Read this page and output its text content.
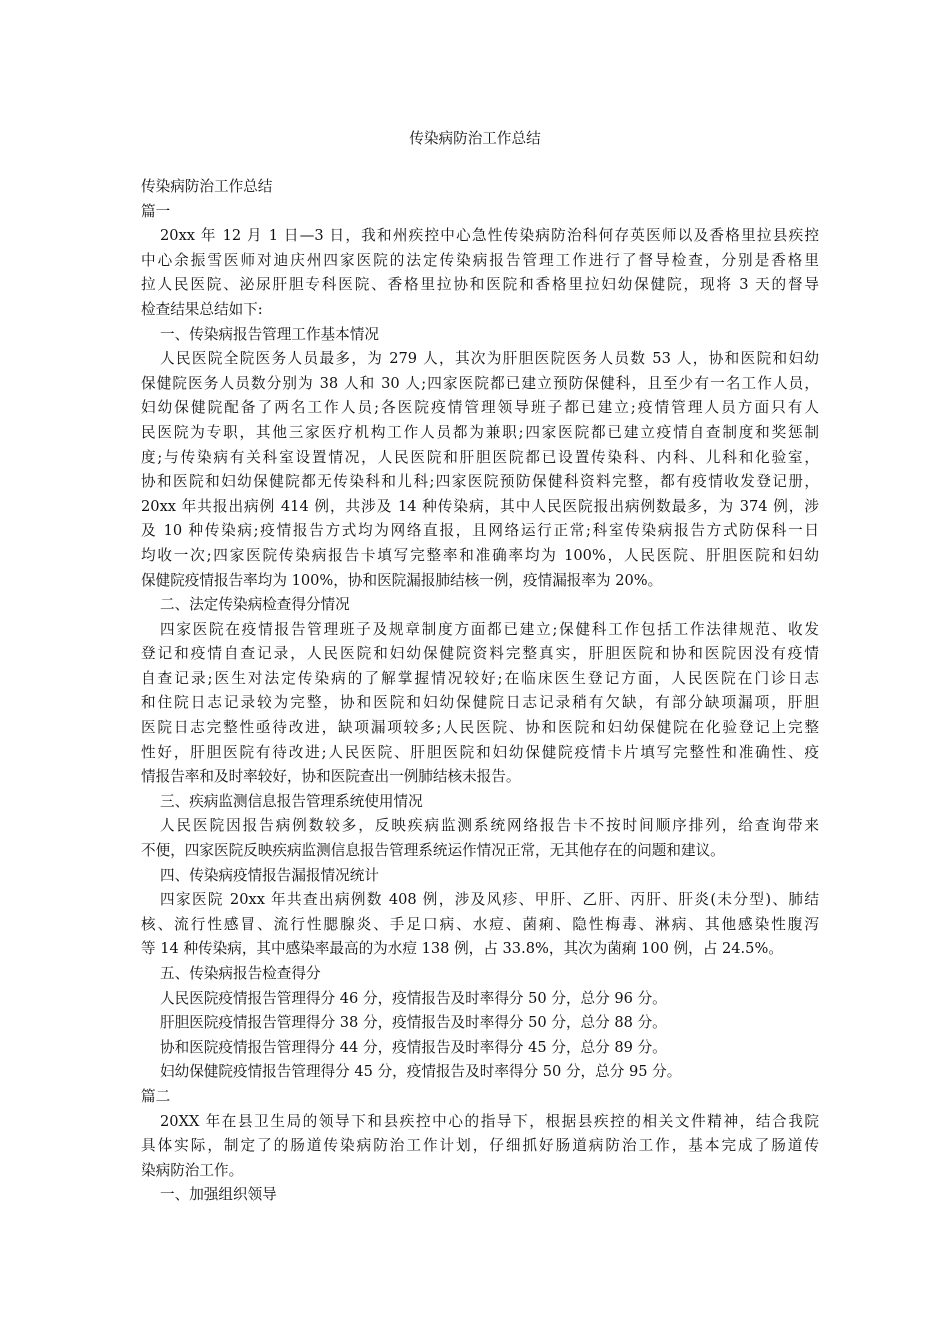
传染病防治工作总结
传染病防治工作总结
篇一
20xx 年 12 月 1 日—3 日，我和州疾控中心急性传染病防治科何存英医师以及香格里拉县疾控
中心余振雪医师对迪庆州四家医院的法定传染病报告管理工作进行了督导检查，分别是香格里
拉人民医院、泌尿肝胆专科医院、香格里拉协和医院和香格里拉妇幼保健院，现将 3 天的督导
检查结果总结如下:
一、传染病报告管理工作基本情况
人民医院全院医务人员最多，为 279 人，其次为肝胆医院医务人员数 53 人，协和医院和妇幼
保健院医务人员数分别为 38 人和 30 人;四家医院都已建立预防保健科，且至少有一名工作人员，
妇幼保健院配备了两名工作人员;各医院疫情管理领导班子都已建立;疫情管理人员方面只有人
民医院为专职，其他三家医疗机构工作人员都为兼职;四家医院都已建立疫情自查制度和奖惩制
度;与传染病有关科室设置情况，人民医院和肝胆医院都已设置传染科、内科、儿科和化验室，
协和医院和妇幼保健院都无传染科和儿科;四家医院预防保健科资料完整，都有疫情收发登记册，
20xx 年共报出病例 414 例，共涉及 14 种传染病，其中人民医院报出病例数最多，为 374 例，涉
及 10 种传染病;疫情报告方式均为网络直报，且网络运行正常;科室传染病报告方式防保科一日
均收一次;四家医院传染病报告卡填写完整率和准确率均为 100%，人民医院、肝胆医院和妇幼
保健院疫情报告率均为 100%，协和医院漏报肺结核一例，疫情漏报率为 20%。
二、法定传染病检查得分情况
四家医院在疫情报告管理班子及规章制度方面都已建立;保健科工作包括工作法律规范、收发
登记和疫情自查记录，人民医院和妇幼保健院资料完整真实，肝胆医院和协和医院因没有疫情
自查记录;医生对法定传染病的了解掌握情况较好;在临床医生登记方面，人民医院在门诊日志
和住院日志记录较为完整，协和医院和妇幼保健院日志记录稍有欠缺，有部分缺项漏项，肝胆
医院日志完整性亟待改进，缺项漏项较多;人民医院、协和医院和妇幼保健院在化验登记上完整
性好，肝胆医院有待改进;人民医院、肝胆医院和妇幼保健院疫情卡片填写完整性和准确性、疫
情报告率和及时率较好，协和医院查出一例肺结核未报告。
三、疾病监测信息报告管理系统使用情况
人民医院因报告病例数较多，反映疾病监测系统网络报告卡不按时间顺序排列，给查询带来
不便，四家医院反映疾病监测信息报告管理系统运作情况正常，无其他存在的问题和建议。
四、传染病疫情报告漏报情况统计
四家医院 20xx 年共查出病例数 408 例，涉及风疹、甲肝、乙肝、丙肝、肝炎(未分型)、肺结
核、流行性感冒、流行性腮腺炎、手足口病、水痘、菌痢、隐性梅毒、淋病、其他感染性腹泻
等 14 种传染病，其中感染率最高的为水痘 138 例，占 33.8%，其次为菌痢 100 例，占 24.5%。
五、传染病报告检查得分
人民医院疫情报告管理得分 46 分，疫情报告及时率得分 50 分，总分 96 分。
肝胆医院疫情报告管理得分 38 分，疫情报告及时率得分 50 分，总分 88 分。
协和医院疫情报告管理得分 44 分，疫情报告及时率得分 45 分，总分 89 分。
妇幼保健院疫情报告管理得分 45 分，疫情报告及时率得分 50 分，总分 95 分。
篇二
20XX 年在县卫生局的领导下和县疾控中心的指导下，根据县疾控的相关文件精神，结合我院
具体实际，制定了的肠道传染病防治工作计划，仔细抓好肠道病防治工作，基本完成了肠道传
染病防治工作。
一、加强组织领导
